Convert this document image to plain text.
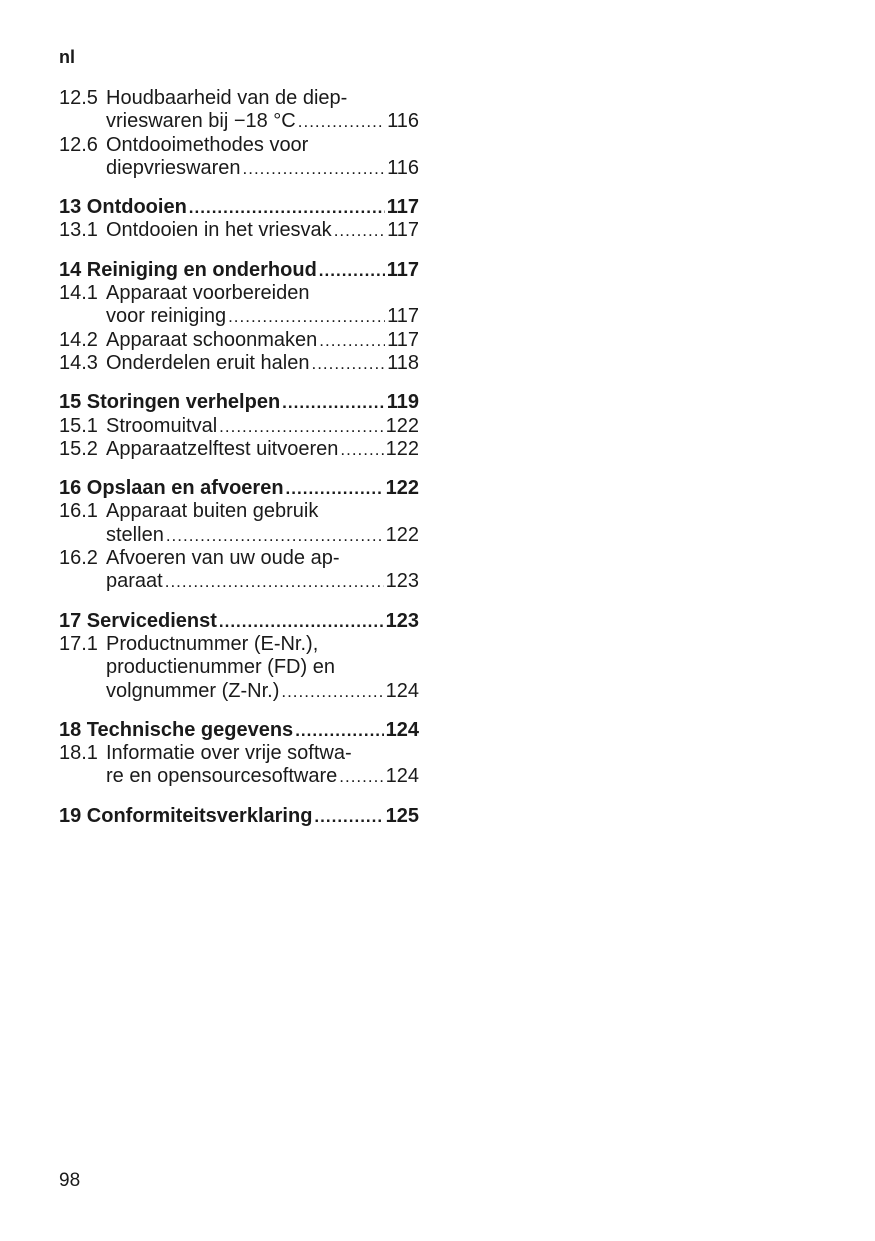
nl
12.5 Houdbaarheid van de diep-
vrieswaren bij −18 °C .....	116
12.6 Ontdooimethodes voor
diepvrieswaren .....	116
13 Ontdooien .....	117
13.1 Ontdooien in het vriesvak .....	117
14 Reiniging en onderhoud .....	117
14.1 Apparaat voorbereiden
voor reiniging .....	117
14.2 Apparaat schoonmaken .....	117
14.3 Onderdelen eruit halen .....	118
15 Storingen verhelpen .....	119
15.1 Stroomuitval .....	122
15.2 Apparaatzelftest uitvoeren ..... 122
16 Opslaan en afvoeren .....	122
16.1 Apparaat buiten gebruik
stellen .....	122
16.2 Afvoeren van uw oude ap-
paraat .....	123
17 Servicedienst .....	123
17.1 Productnummer (E-Nr.),
productienummer (FD) en
volgnummer (Z-Nr.) .....	124
18 Technische gegevens .....	124
18.1 Informatie over vrije softwa-
re en opensourcesoftware ..... 124
19 Conformiteitsverklaring .....	125
98
